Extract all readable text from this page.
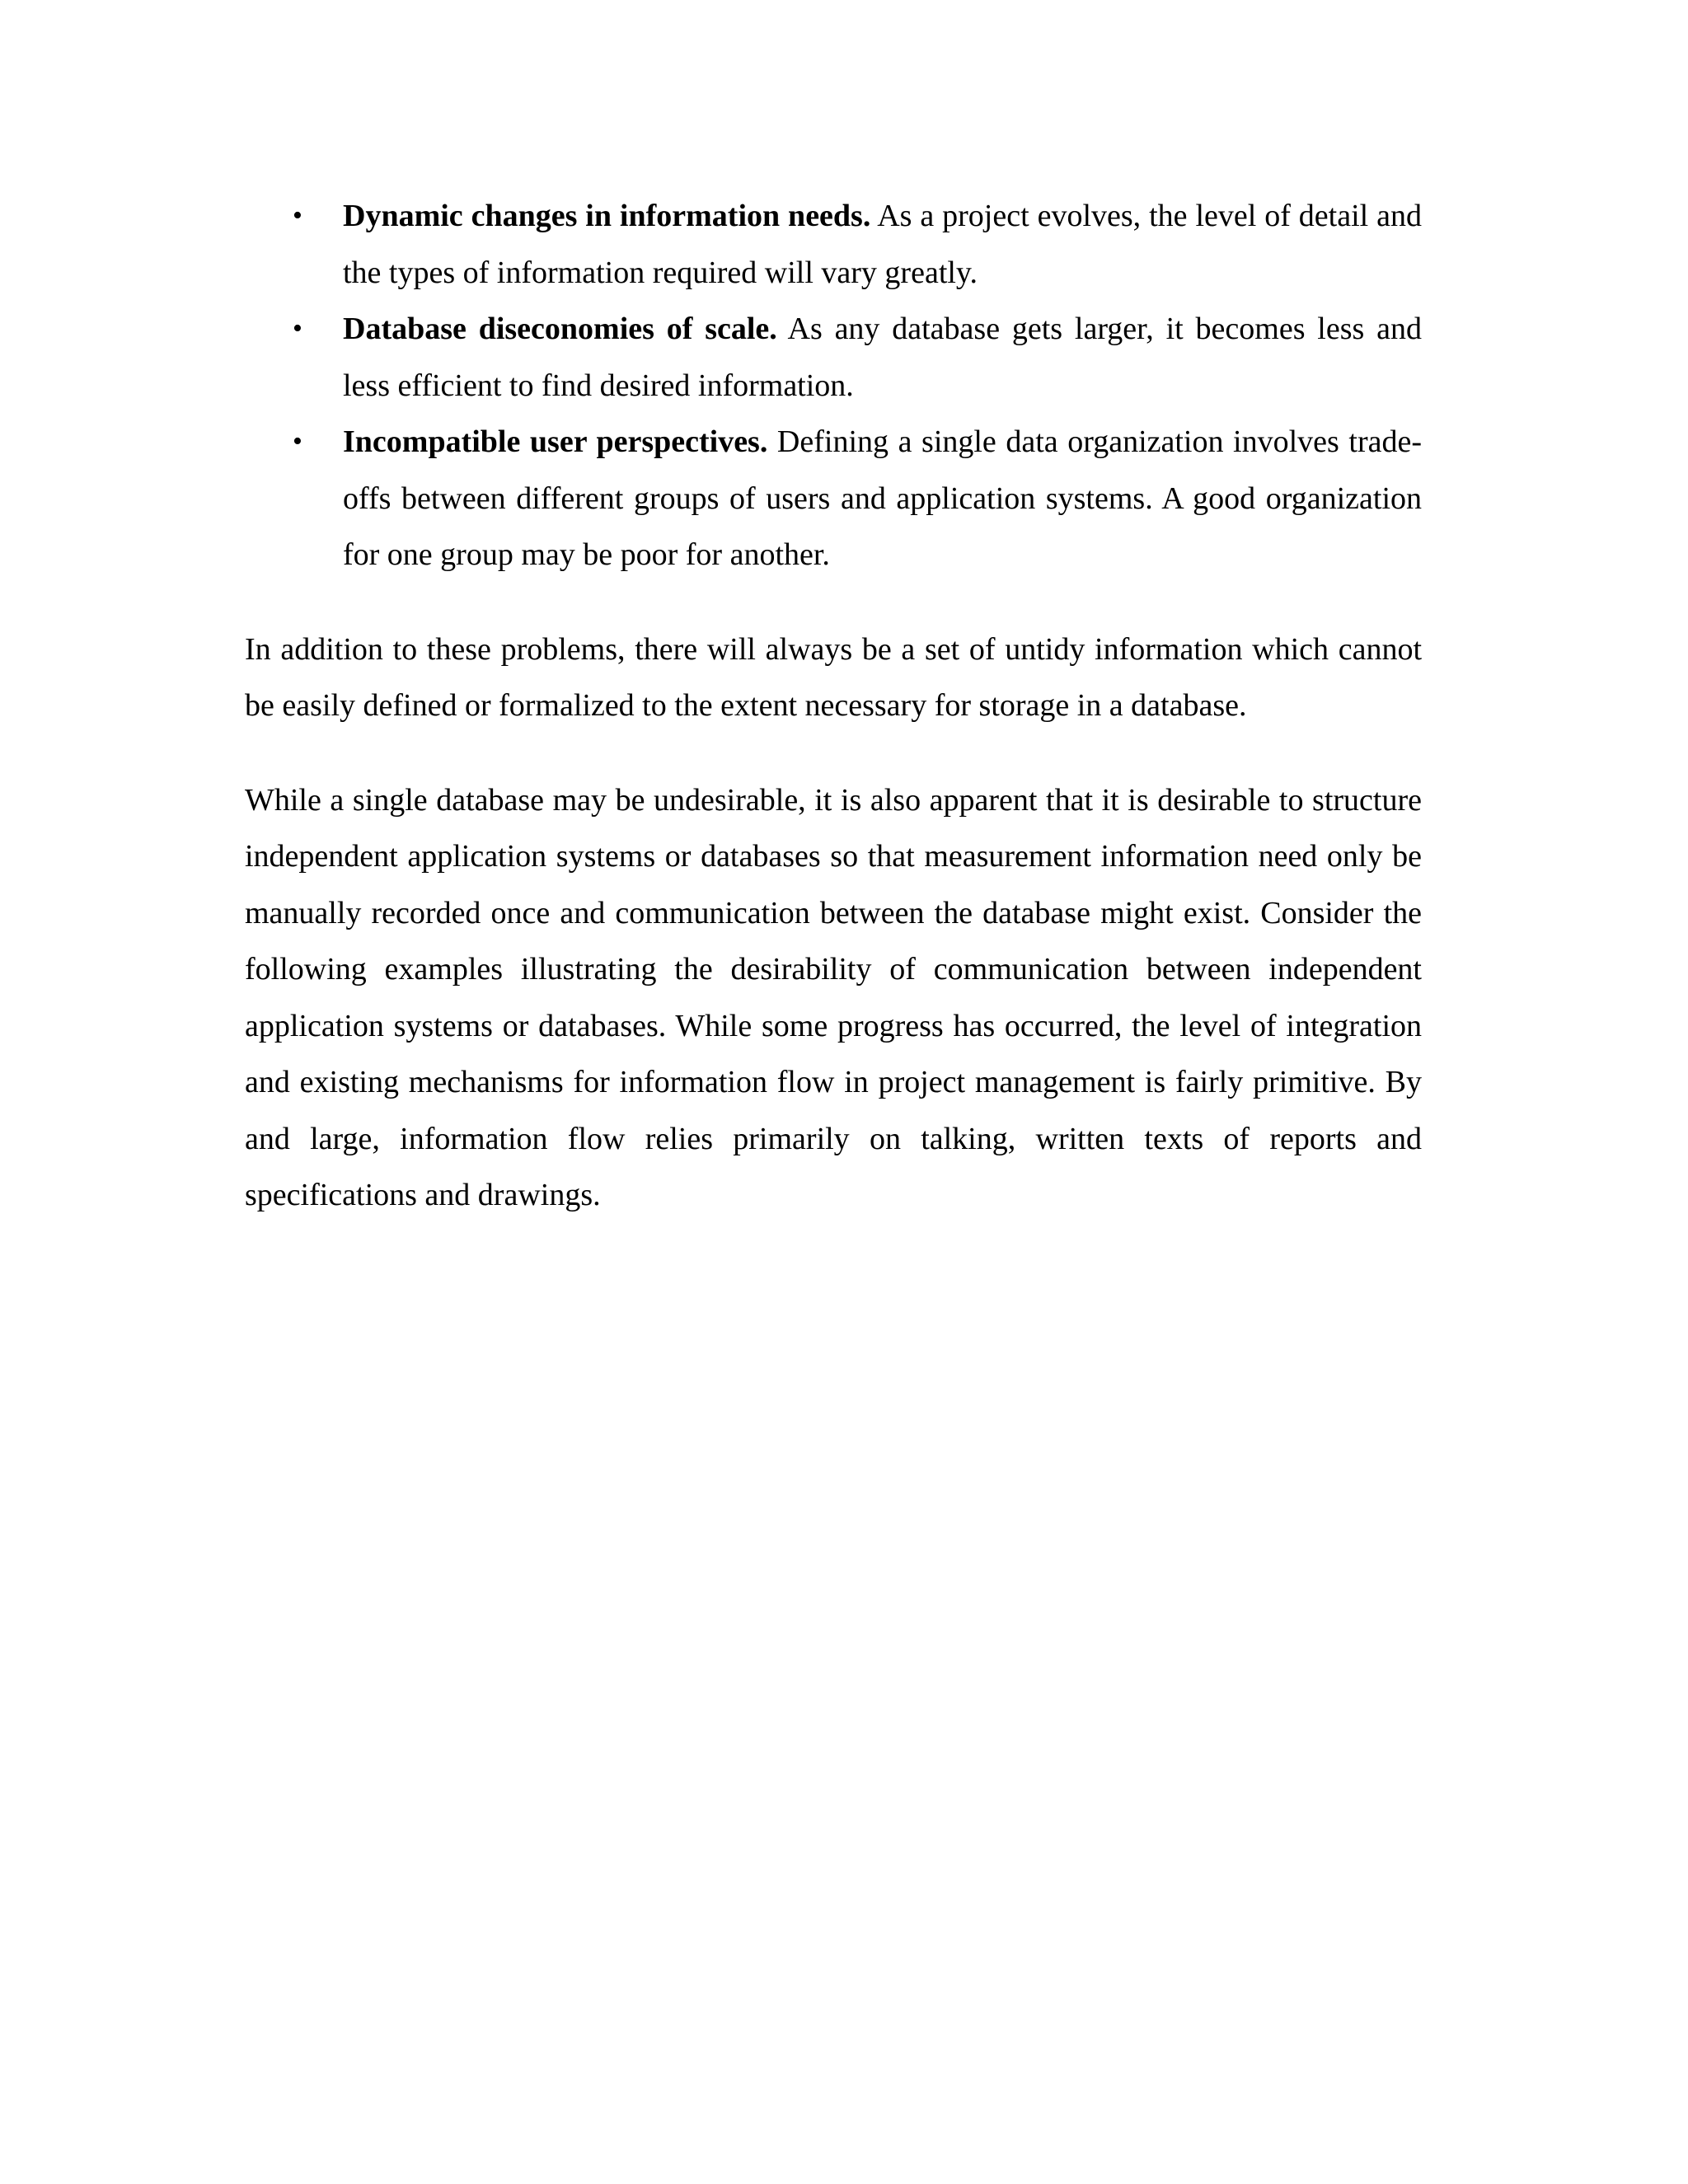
• Dynamic changes in information needs. As a project evolves, the level of detail and the types of information required will vary greatly.
• Database diseconomies of scale. As any database gets larger, it becomes less and less efficient to find desired information.
• Incompatible user perspectives. Defining a single data organization involves trade-offs between different groups of users and application systems. A good organization for one group may be poor for another.

In addition to these problems, there will always be a set of untidy information which cannot be easily defined or formalized to the extent necessary for storage in a database.

While a single database may be undesirable, it is also apparent that it is desirable to structure independent application systems or databases so that measurement information need only be manually recorded once and communication between the database might exist. Consider the following examples illustrating the desirability of communication between independent application systems or databases. While some progress has occurred, the level of integration and existing mechanisms for information flow in project management is fairly primitive. By and large, information flow relies primarily on talking, written texts of reports and specifications and drawings.
